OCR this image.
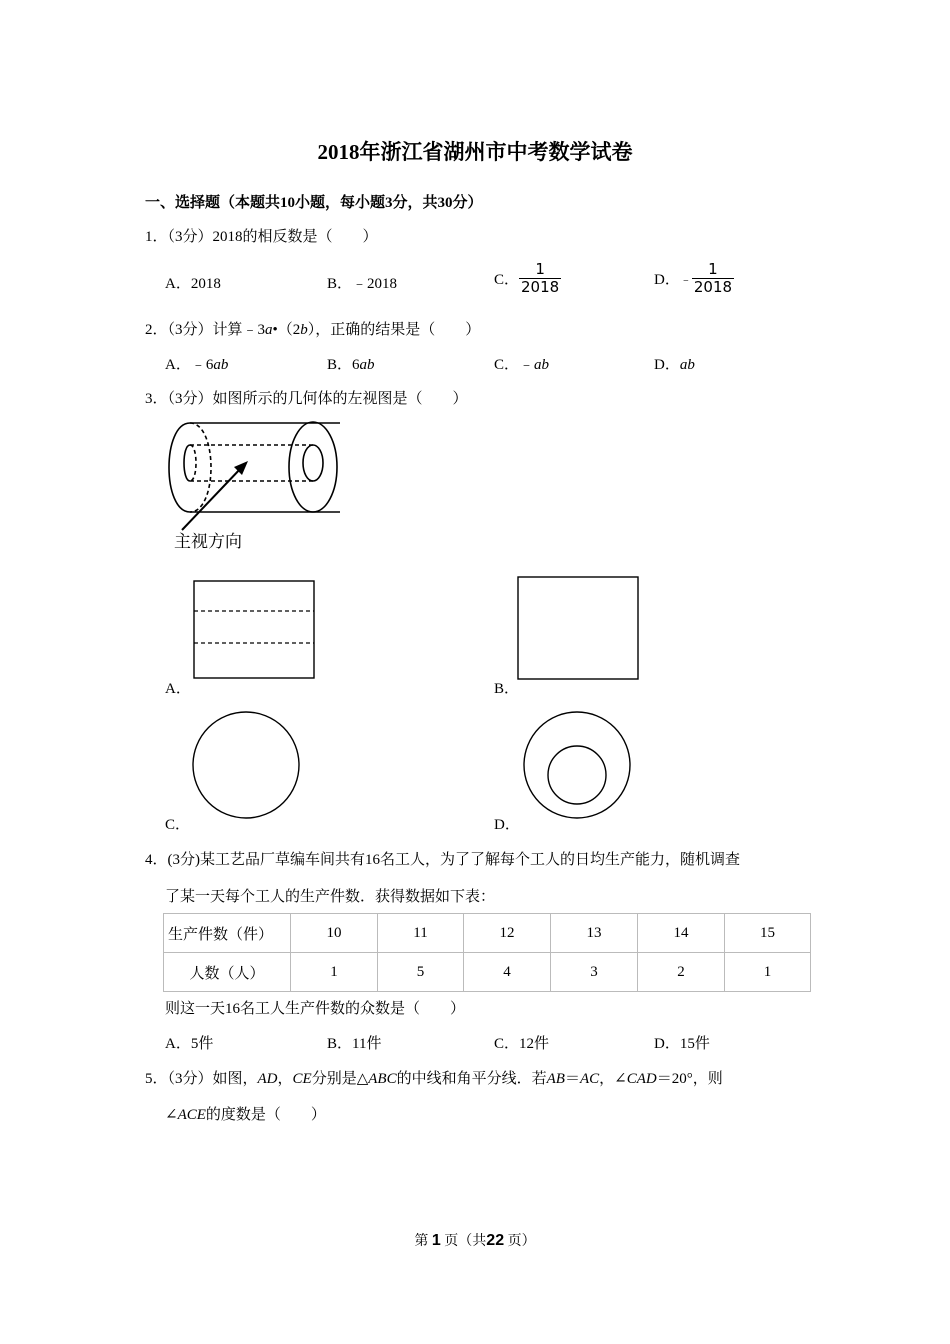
2018年浙江省湖州市中考数学试卷
一、选择题（本题共10小题，每小题3分，共30分）
1．（3分）2018的相反数是（　　）
A．2018	B．﹣2018	C． $\frac{1}{2018}$	D．﹣ $\frac{1}{2018}$
2．（3分）计算﹣3a•（2b），正确的结果是（　　）
A．﹣6ab	B．6ab	C．﹣ab	D．ab
3．（3分）如图所示的几何体的左视图是（　　）
主视方向
A．	B．
C．	D．
4．(3分)某工艺品厂草编车间共有16名工人，为了了解每个工人的日均生产能力，随机调查
了某一天每个工人的生产件数．获得数据如下表：
生产件数（件）	10	11	12	13	14	15
人数（人）	1	5	4	3	2	1
则这一天16名工人生产件数的众数是（　　）
A．5件	B．11件	C．12件	D．15件
5．（3分）如图，AD，CE分别是△ABC的中线和角平分线．若AB＝AC，∠CAD＝20°，则
∠ACE的度数是（　　）
第 1 页（共22 页）
